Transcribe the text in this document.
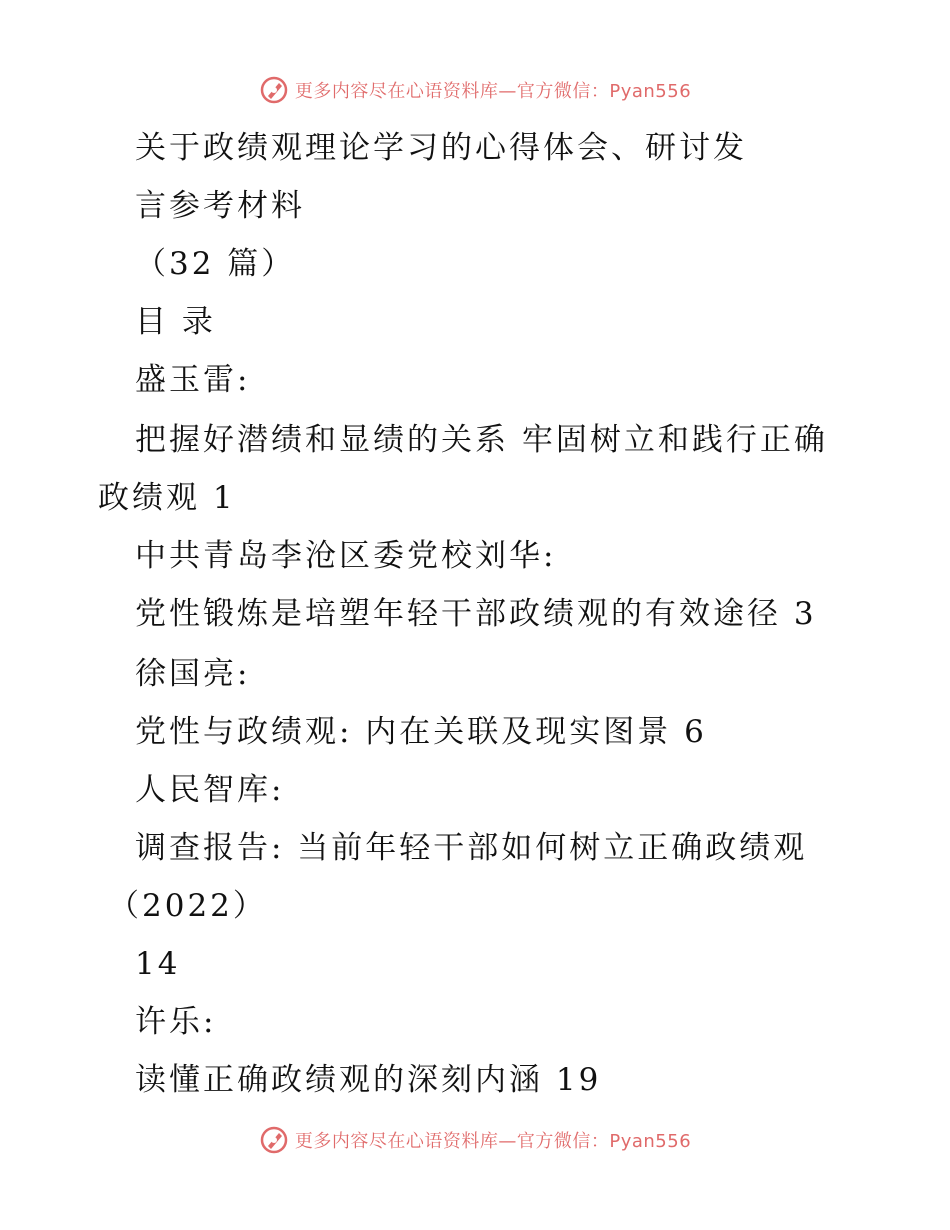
更多内容尽在心语资料库—官方微信：Pyan556
关于政绩观理论学习的心得体会、研讨发
言参考材料
（32 篇）
目 录
盛玉雷:
把握好潜绩和显绩的关系 牢固树立和践行正确
政绩观 1
中共青岛李沧区委党校刘华:
党性锻炼是培塑年轻干部政绩观的有效途径 3
徐国亮:
党性与政绩观: 内在关联及现实图景 6
人民智库:
调查报告: 当前年轻干部如何树立正确政绩观
（2022）
14
许乐:
读懂正确政绩观的深刻内涵 19
更多内容尽在心语资料库—官方微信：Pyan556
